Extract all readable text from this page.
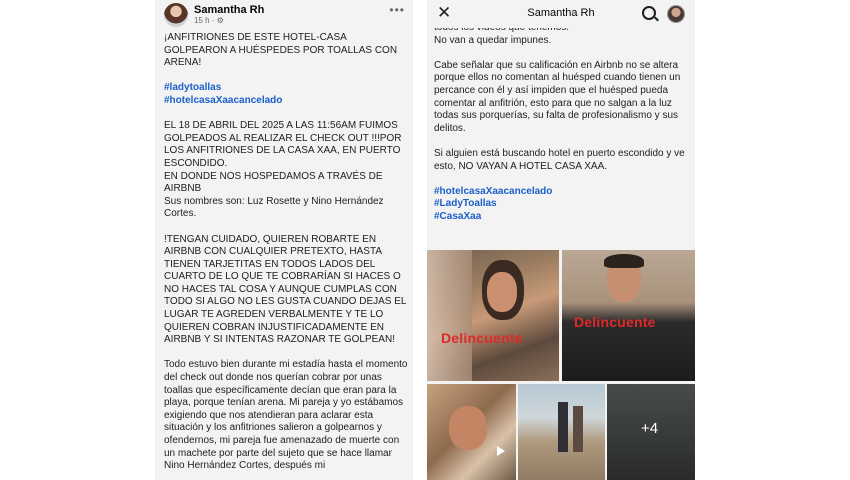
Samantha Rh
15 h · ⚙
•••

¡ANFITRIONES DE ESTE HOTEL-CASA GOLPEARON A HUÉSPEDES POR TOALLAS CON ARENA!

#ladytoallas
#hotelcasaXaacancelado

EL 18 DE ABRIL DEL 2025 A LAS 11:56AM FUIMOS GOLPEADOS AL REALIZAR EL CHECK OUT !!!POR LOS ANFITRIONES DE LA CASA XAA, EN PUERTO ESCONDIDO.
EN DONDE NOS HOSPEDAMOS A TRAVÉS DE AIRBNB
Sus nombres son: Luz Rosette y Nino Hernández Cortes.

!TENGAN CUIDADO, QUIEREN ROBARTE EN AIRBNB CON CUALQUIER PRETEXTO, HASTA TIENEN TARJETITAS EN TODOS LADOS DEL CUARTO DE LO QUE TE COBRARÍAN SI HACES O NO HACES TAL COSA Y AUNQUE CUMPLAS CON TODO SI ALGO NO LES GUSTA CUANDO DEJAS EL LUGAR TE AGREDEN VERBALMENTE Y TE LO QUIEREN COBRAN INJUSTIFICADAMENTE EN AIRBNB Y SI INTENTAS RAZONAR TE GOLPEAN!

Todo estuvo bien durante mi estadía hasta el momento del check out donde nos querían cobrar por unas toallas que específicamente decían que eran para la playa, porque tenían arena. Mi pareja y yo estábamos exigiendo que nos atendieran para aclarar esta situación y los anfitriones salieron a golpearnos y ofendernos, mi pareja fue amenazado de muerte con un machete por parte del sujeto que se hace llamar Nino Hernández Cortes, después mi

No van a quedar impunes.

Cabe señalar que su calificación en Airbnb no se altera porque ellos no comentan al huésped cuando tienen un percance con él y así impiden que el huésped pueda comentar al anfitrión, esto para que no salgan a la luz todas sus porquerías, su falta de profesionalismo y sus delitos.

Si alguien está buscando hotel en puerto escondido y ve esto, NO VAYAN A HOTEL CASA XAA.

#hotelcasaXaacancelado
#LadyToallas
#CasaXaa

✕	Samantha Rh
Delincuente
Delincuente
+4
